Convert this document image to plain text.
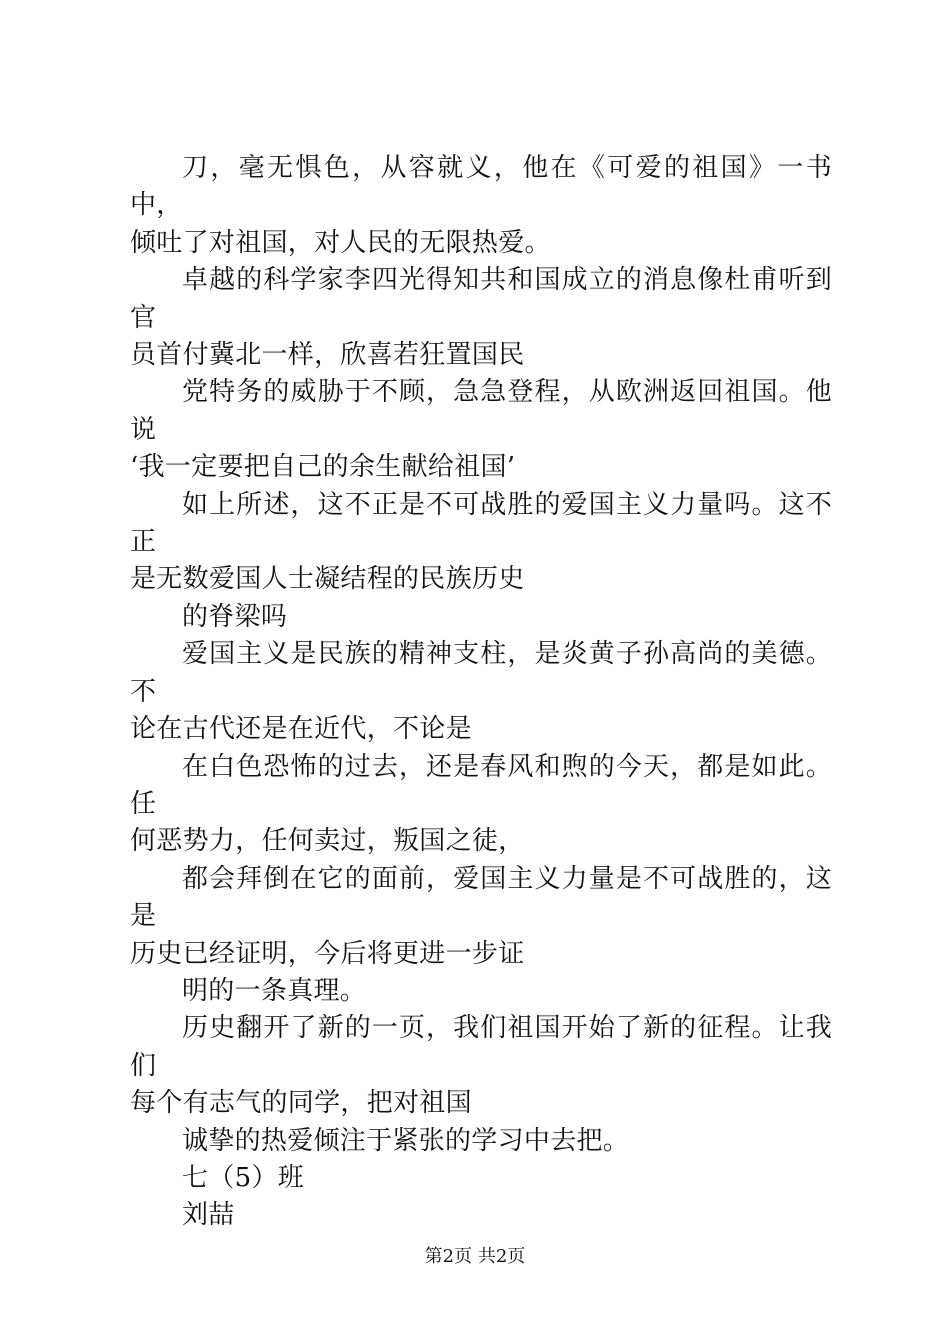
刀，毫无惧色，从容就义，他在《可爱的祖国》一书中，
倾吐了对祖国，对人民的无限热爱。

卓越的科学家李四光得知共和国成立的消息像杜甫听到官
员首付冀北一样，欣喜若狂置国民

党特务的威胁于不顾，急急登程，从欧洲返回祖国。他说
‘我一定要把自己的余生献给祖国’

如上所述，这不正是不可战胜的爱国主义力量吗。这不正
是无数爱国人士凝结程的民族历史

的脊梁吗

爱国主义是民族的精神支柱，是炎黄子孙高尚的美德。不
论在古代还是在近代，不论是

在白色恐怖的过去，还是春风和煦的今天，都是如此。任
何恶势力，任何卖过，叛国之徒，

都会拜倒在它的面前，爱国主义力量是不可战胜的，这是
历史已经证明，今后将更进一步证

明的一条真理。

历史翻开了新的一页，我们祖国开始了新的征程。让我们
每个有志气的同学，把对祖国

诚挚的热爱倾注于紧张的学习中去把。

七（5）班

刘喆

第2页 共2页
